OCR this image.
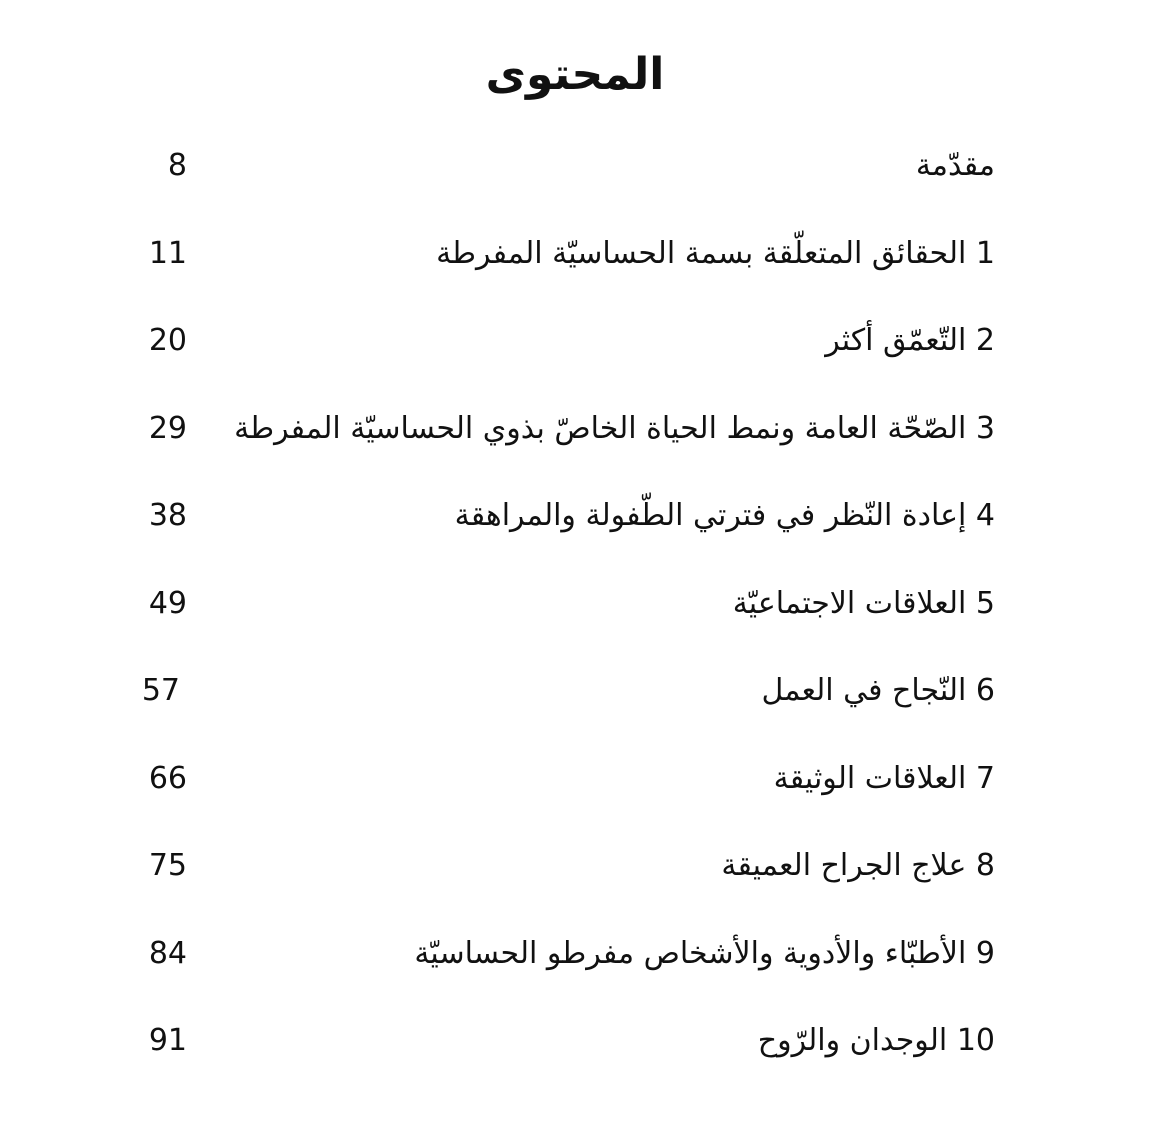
المحتوى
مقدّمة
8
1 الحقائق المتعلّقة بسمة الحساسيّة المفرطة
11
2 التّعمّق أكثر
20
3 الصّحّة العامة ونمط الحياة الخاصّ بذوي الحساسيّة المفرطة
29
4 إعادة النّظر في فترتي الطّفولة والمراهقة
38
5 العلاقات الاجتماعيّة
49
6 النّجاح في العمل
57
7 العلاقات الوثيقة
66
8 علاج الجراح العميقة
75
9 الأطبّاء والأدوية والأشخاص مفرطو الحساسيّة
84
10 الوجدان والرّوح
91
